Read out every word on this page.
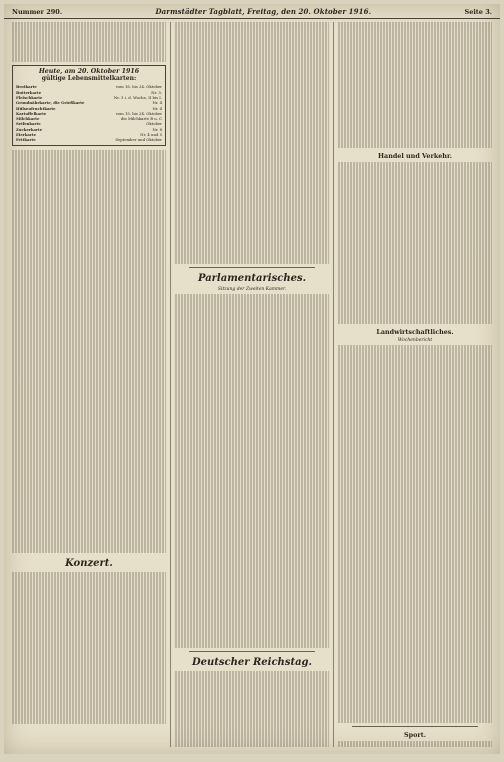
Nummer 290.	Darmstädter Tagblatt, Freitag, den 20. Oktober 1916.	Seite 3.
Heute, am 20. Oktober 1916
gültige Lebensmittelkarten:
Brotkarte	vom 16. bis 24. Oktober
Butterkarte	Nr. 3.
Fleischkarte	Nr. 3 i. d. Woche, II bis I.
Grundnährkarte, die Grießkarte	Nr. 4
Hülsenfruchtkarte	Nr. 4
Kartoffelkarte	vom 15. bis 24. Oktober
Milchkarte	die Milchkarte B u. C
Seifenkarte	Oktober
Zuckerkarte	Nr. 8
Eierkarte	Nr. 4 und 5
Fettkarte	September und Oktober
Konzert.
Parlamentarisches.
Sitzung der Zweiten Kammer.
Deutscher Reichstag.
Handel und Verkehr.
Landwirtschaftliches.
Wochenbericht
Sport.
